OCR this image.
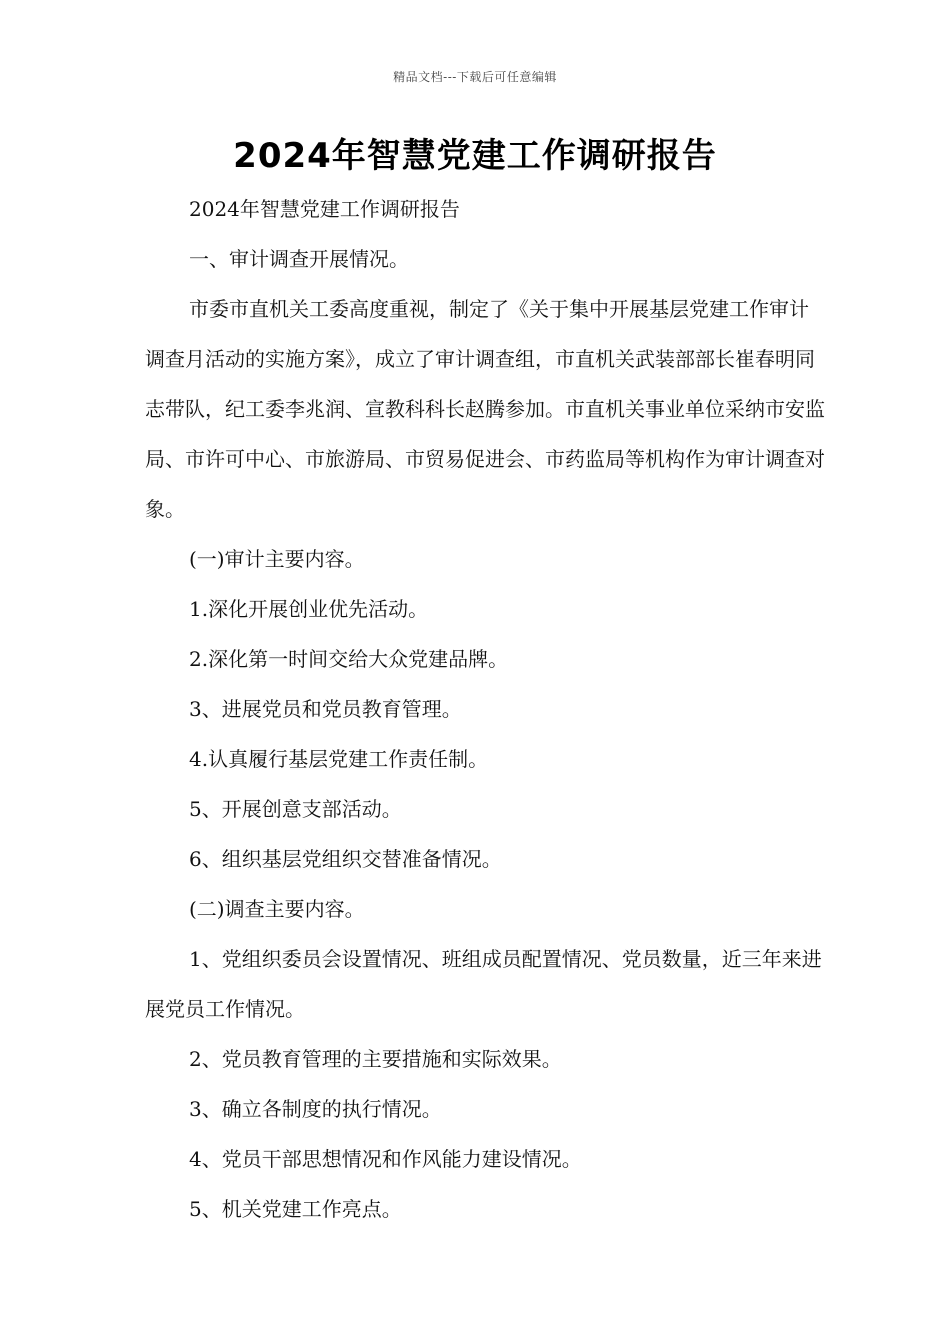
精品文档---下载后可任意编辑
2024年智慧党建工作调研报告

2024年智慧党建工作调研报告

一、审计调查开展情况。

市委市直机关工委高度重视，制定了《关于集中开展基层党建工作审计调查月活动的实施方案》，成立了审计调查组，市直机关武装部部长崔春明同志带队，纪工委李兆润、宣教科科长赵腾参加。市直机关事业单位采纳市安监局、市许可中心、市旅游局、市贸易促进会、市药监局等机构作为审计调查对象。

(一)审计主要内容。

1.深化开展创业优先活动。

2.深化第一时间交给大众党建品牌。

3、进展党员和党员教育管理。

4.认真履行基层党建工作责任制。

5、开展创意支部活动。

6、组织基层党组织交替准备情况。

(二)调查主要内容。

1、党组织委员会设置情况、班组成员配置情况、党员数量，近三年来进展党员工作情况。

2、党员教育管理的主要措施和实际效果。

3、确立各制度的执行情况。

4、党员干部思想情况和作风能力建设情况。

5、机关党建工作亮点。
